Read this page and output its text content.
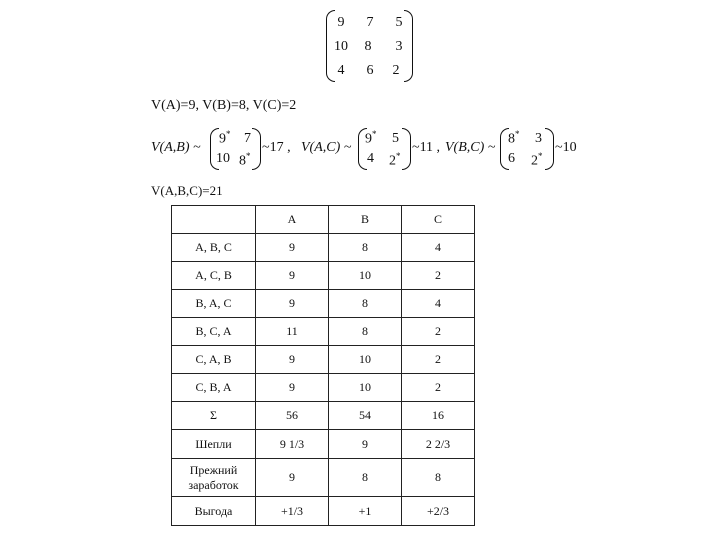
9	7	5
10	8	3
4	6	2
V(A)=9, V(B)=8, V(C)=2
V(A,B) ~
9* 7
10 8*
~17 , V(A,C) ~
9* 5
4 2*
~11 , V(B,C) ~
8* 3
6 2*
~10
V(A,B,C)=21
	A	B	C
A, B, C	9	8	4
A, C, B	9	10	2
B, A, C	9	8	4
B, C, A	11	8	2
C, A, B	9	10	2
C, B, A	9	10	2
Σ	56	54	16
Шепли	9 1/3	9	2 2/3
Прежний заработок	9	8	8
Выгода	+1/3	+1	+2/3
